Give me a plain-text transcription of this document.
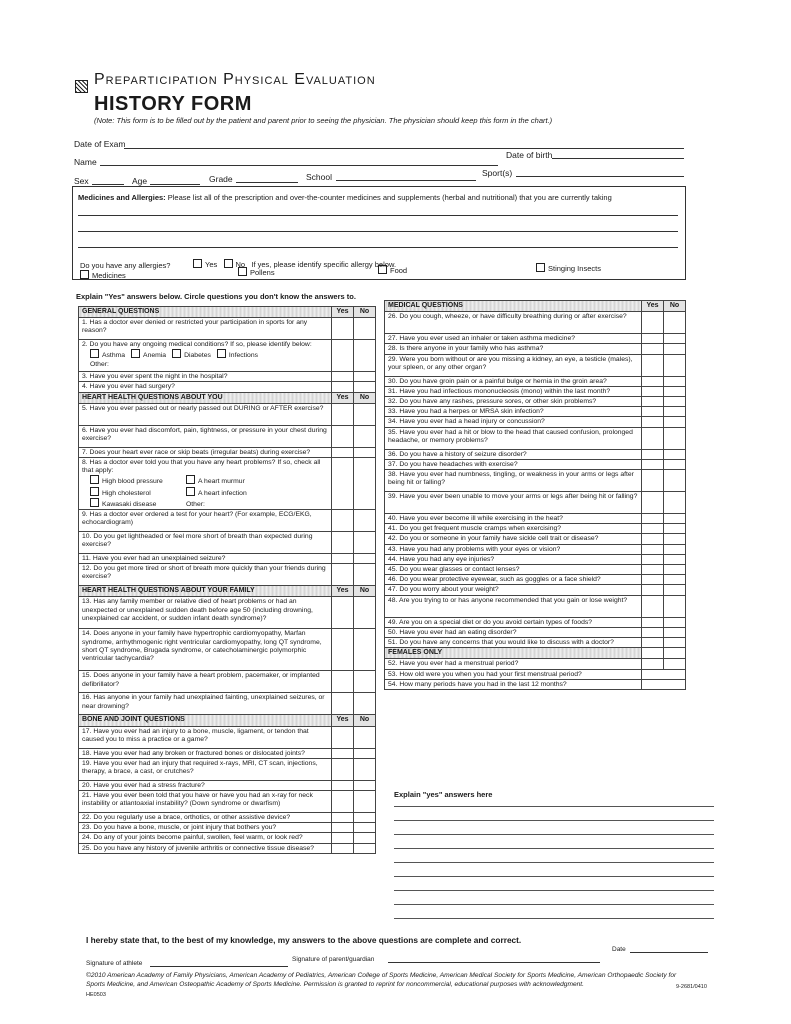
Preparticipation Physical Evaluation
HISTORY FORM
(Note: This form is to be filled out by the patient and parent prior to seeing the physician. The physician should keep this form in the chart.)
Date of Exam
Name
Date of birth
Sex	Age	Grade	School	Sport(s)
Medicines and Allergies: Please list all of the prescription and over-the-counter medicines and supplements (herbal and nutritional) that you are currently taking
Do you have any allergies?	Yes No If yes, please identify specific allergy below.
Medicines	Pollens	Food	Stinging Insects
Explain "Yes" answers below. Circle questions you don't know the answers to.
GENERAL QUESTIONS	Yes	No
1. Has a doctor ever denied or restricted your participation in sports for any reason?		
2. Do you have any ongoing medical conditions? If so, please identify below:

Asthma Anemia Diabetes Infections
Other:		

3. Have you ever spent the night in the hospital?		
4. Have you ever had surgery?		
HEART HEALTH QUESTIONS ABOUT YOU	Yes	No
5. Have you ever passed out or nearly passed out DURING or AFTER exercise?		
6. Have you ever had discomfort, pain, tightness, or pressure in your chest during exercise?		
7. Does your heart ever race or skip beats (irregular beats) during exercise?		
8. Has a doctor ever told you that you have any heart problems? If so, check all that apply:

High blood pressure A heart murmur
High cholesterol A heart infection
Kawasaki disease Other:		

9. Has a doctor ever ordered a test for your heart? (For example, ECG/EKG, echocardiogram)		
10. Do you get lightheaded or feel more short of breath than expected during exercise?		
11. Have you ever had an unexplained seizure?		
12. Do you get more tired or short of breath more quickly than your friends during exercise?		
HEART HEALTH QUESTIONS ABOUT YOUR FAMILY	Yes	No
13. Has any family member or relative died of heart problems or had an unexpected or unexplained sudden death before age 50 (including drowning, unexplained car accident, or sudden infant death syndrome)?		
14. Does anyone in your family have hypertrophic cardiomyopathy, Marfan syndrome, arrhythmogenic right ventricular cardiomyopathy, long QT syndrome, short QT syndrome, Brugada syndrome, or catecholaminergic polymorphic ventricular tachycardia?		
15. Does anyone in your family have a heart problem, pacemaker, or implanted defibrillator?		
16. Has anyone in your family had unexplained fainting, unexplained seizures, or near drowning?		
BONE AND JOINT QUESTIONS	Yes	No
17. Have you ever had an injury to a bone, muscle, ligament, or tendon that caused you to miss a practice or a game?		
18. Have you ever had any broken or fractured bones or dislocated joints?		
19. Have you ever had an injury that required x-rays, MRI, CT scan, injections, therapy, a brace, a cast, or crutches?		
20. Have you ever had a stress fracture?		
21. Have you ever been told that you have or have you had an x-ray for neck instability or atlantoaxial instability? (Down syndrome or dwarfism)		
22. Do you regularly use a brace, orthotics, or other assistive device?		
23. Do you have a bone, muscle, or joint injury that bothers you?		
24. Do any of your joints become painful, swollen, feel warm, or look red?		
25. Do you have any history of juvenile arthritis or connective tissue disease?		
MEDICAL QUESTIONS	Yes	No
26. Do you cough, wheeze, or have difficulty breathing during or after exercise?		
27. Have you ever used an inhaler or taken asthma medicine?		
28. Is there anyone in your family who has asthma?		
29. Were you born without or are you missing a kidney, an eye, a testicle (males), your spleen, or any other organ?		
30. Do you have groin pain or a painful bulge or hernia in the groin area?		
31. Have you had infectious mononucleosis (mono) within the last month?		
32. Do you have any rashes, pressure sores, or other skin problems?		
33. Have you had a herpes or MRSA skin infection?		
34. Have you ever had a head injury or concussion?		
35. Have you ever had a hit or blow to the head that caused confusion, prolonged headache, or memory problems?		
36. Do you have a history of seizure disorder?		
37. Do you have headaches with exercise?		
38. Have you ever had numbness, tingling, or weakness in your arms or legs after being hit or falling?		
39. Have you ever been unable to move your arms or legs after being hit or falling?		
40. Have you ever become ill while exercising in the heat?		
41. Do you get frequent muscle cramps when exercising?		
42. Do you or someone in your family have sickle cell trait or disease?		
43. Have you had any problems with your eyes or vision?		
44. Have you had any eye injuries?		
45. Do you wear glasses or contact lenses?		
46. Do you wear protective eyewear, such as goggles or a face shield?		
47. Do you worry about your weight?		
48. Are you trying to or has anyone recommended that you gain or lose weight?		
49. Are you on a special diet or do you avoid certain types of foods?		
50. Have you ever had an eating disorder?		
51. Do you have any concerns that you would like to discuss with a doctor?		
FEMALES ONLY		
52. Have you ever had a menstrual period?		
53. How old were you when you had your first menstrual period?		
54. How many periods have you had in the last 12 months?		
Explain "yes" answers here
I hereby state that, to the best of my knowledge, my answers to the above questions are complete and correct.
Signature of athlete
Signature of parent/guardian
Date
©2010 American Academy of Family Physicians, American Academy of Pediatrics, American College of Sports Medicine, American Medical Society for Sports Medicine, American Orthopaedic Society for Sports Medicine, and American Osteopathic Academy of Sports Medicine. Permission is granted to reprint for noncommercial, educational purposes with acknowledgment.
HE0503
9-2681/0410
